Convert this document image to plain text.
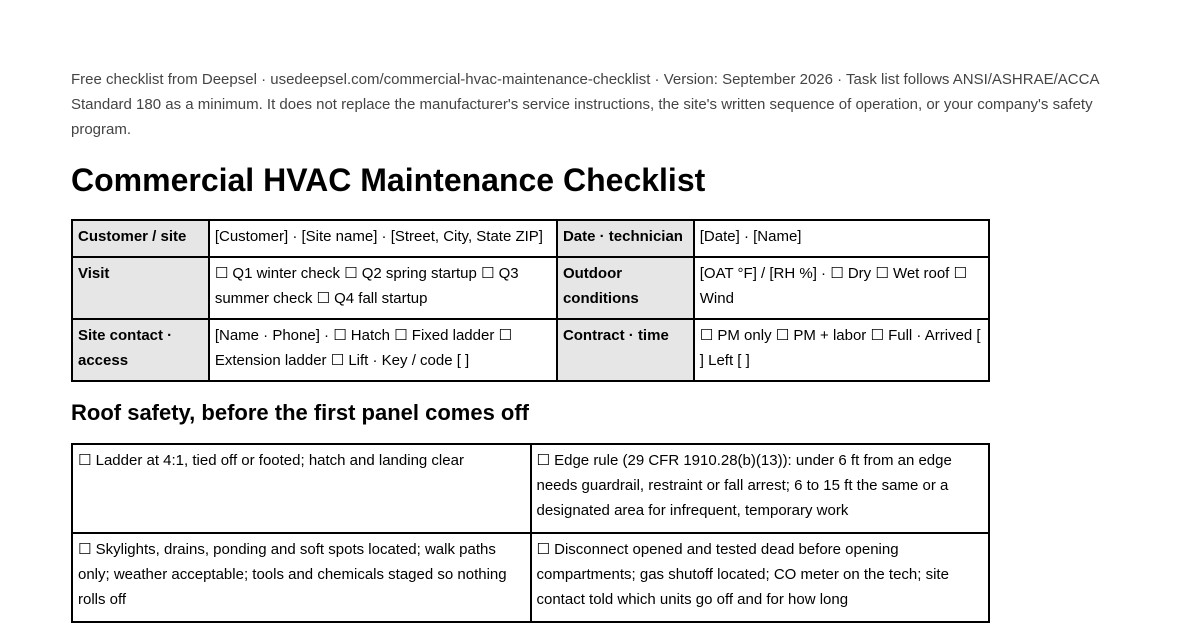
Free checklist from Deepsel · usedeepsel.com/commercial-hvac-maintenance-checklist · Version: September 2026 · Task list follows ANSI/ASHRAE/ACCA Standard 180 as a minimum. It does not replace the manufacturer's service instructions, the site's written sequence of operation, or your company's safety program.

Commercial HVAC Maintenance Checklist
Customer / site	[Customer] · [Site name] · [Street, City, State ZIP]	Date · technician	[Date] · [Name]
Visit	☐ Q1 winter check ☐ Q2 spring startup ☐ Q3 summer check ☐ Q4 fall startup	Outdoor conditions	[OAT °F] / [RH %] · ☐ Dry ☐ Wet roof ☐ Wind
Site contact · access	[Name · Phone] · ☐ Hatch ☐ Fixed ladder ☐ Extension ladder ☐ Lift · Key / code [ ]	Contract · time	☐ PM only ☐ PM + labor ☐ Full · Arrived [ ] Left [ ]
Roof safety, before the first panel comes off
☐ Ladder at 4:1, tied off or footed; hatch and landing clear	☐ Edge rule (29 CFR 1910.28(b)(13)): under 6 ft from an edge needs guardrail, restraint or fall arrest; 6 to 15 ft the same or a designated area for infrequent, temporary work
☐ Skylights, drains, ponding and soft spots located; walk paths only; weather acceptable; tools and chemicals staged so nothing rolls off	☐ Disconnect opened and tested dead before opening compartments; gas shutoff located; CO meter on the tech; site contact told which units go off and for how long
